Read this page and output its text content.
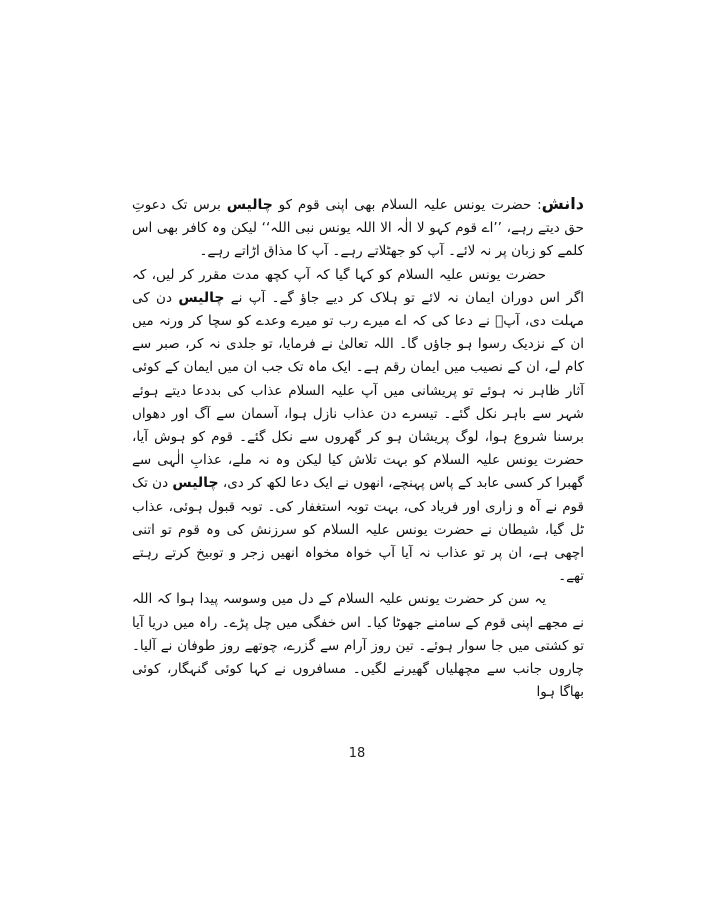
دانش: حضرت یونس علیہ السلام بھی اپنی قوم کو چالیس برس تک دعوتِ حق دیتے رہے، ’’اے قوم کہو لا الٰہ الا اللہ یونس نبی اللہ‘‘ لیکن وہ کافر بھی اس کلمے کو زبان پر نہ لائے۔ آپ کو جھٹلاتے رہے۔ آپ کا مذاق اڑاتے رہے۔

حضرت یونس علیہ السلام کو کہا گیا کہ آپ کچھ مدت مقرر کر لیں، کہ اگر اس دوران ایمان نہ لائے تو ہلاک کر دیے جاؤ گے۔ آپ نے چالیس دن کی مہلت دی، آپؑ نے دعا کی کہ اے میرے رب تو میرے وعدے کو سچا کر ورنہ میں ان کے نزدیک رسوا ہو جاؤں گا۔ اللہ تعالیٰ نے فرمایا، تو جلدی نہ کر، صبر سے کام لے، ان کے نصیب میں ایمان رقم ہے۔ ایک ماہ تک جب ان میں ایمان کے کوئی آثار ظاہر نہ ہوئے تو پریشانی میں آپ علیہ السلام عذاب کی بددعا دیتے ہوئے شہر سے باہر نکل گئے۔ تیسرے دن عذاب نازل ہوا، آسمان سے آگ اور دھواں برسنا شروع ہوا، لوگ پریشان ہو کر گھروں سے نکل گئے۔ قوم کو ہوش آیا، حضرت یونس علیہ السلام کو بہت تلاش کیا لیکن وہ نہ ملے، عذابِ الٰہی سے گھبرا کر کسی عابد کے پاس پہنچے، انھوں نے ایک دعا لکھ کر دی، چالیس دن تک قوم نے آہ و زاری اور فریاد کی، بہت توبہ استغفار کی۔ توبہ قبول ہوئی، عذاب ٹل گیا، شیطان نے حضرت یونس علیہ السلام کو سرزنش کی وہ قوم تو اتنی اچھی ہے، ان پر تو عذاب نہ آیا آپ خواہ مخواہ انھیں زجر و توبیخ کرتے رہتے تھے۔

یہ سن کر حضرت یونس علیہ السلام کے دل میں وسوسہ پیدا ہوا کہ اللہ نے مجھے اپنی قوم کے سامنے جھوٹا کیا۔ اس خفگی میں چل پڑے۔ راہ میں دریا آیا تو کشتی میں جا سوار ہوئے۔ تین روز آرام سے گزرے، چوتھے روز طوفان نے آلیا۔ چاروں جانب سے مچھلیاں گھیرنے لگیں۔ مسافروں نے کہا کوئی گنہگار، کوئی بھاگا ہوا

18
